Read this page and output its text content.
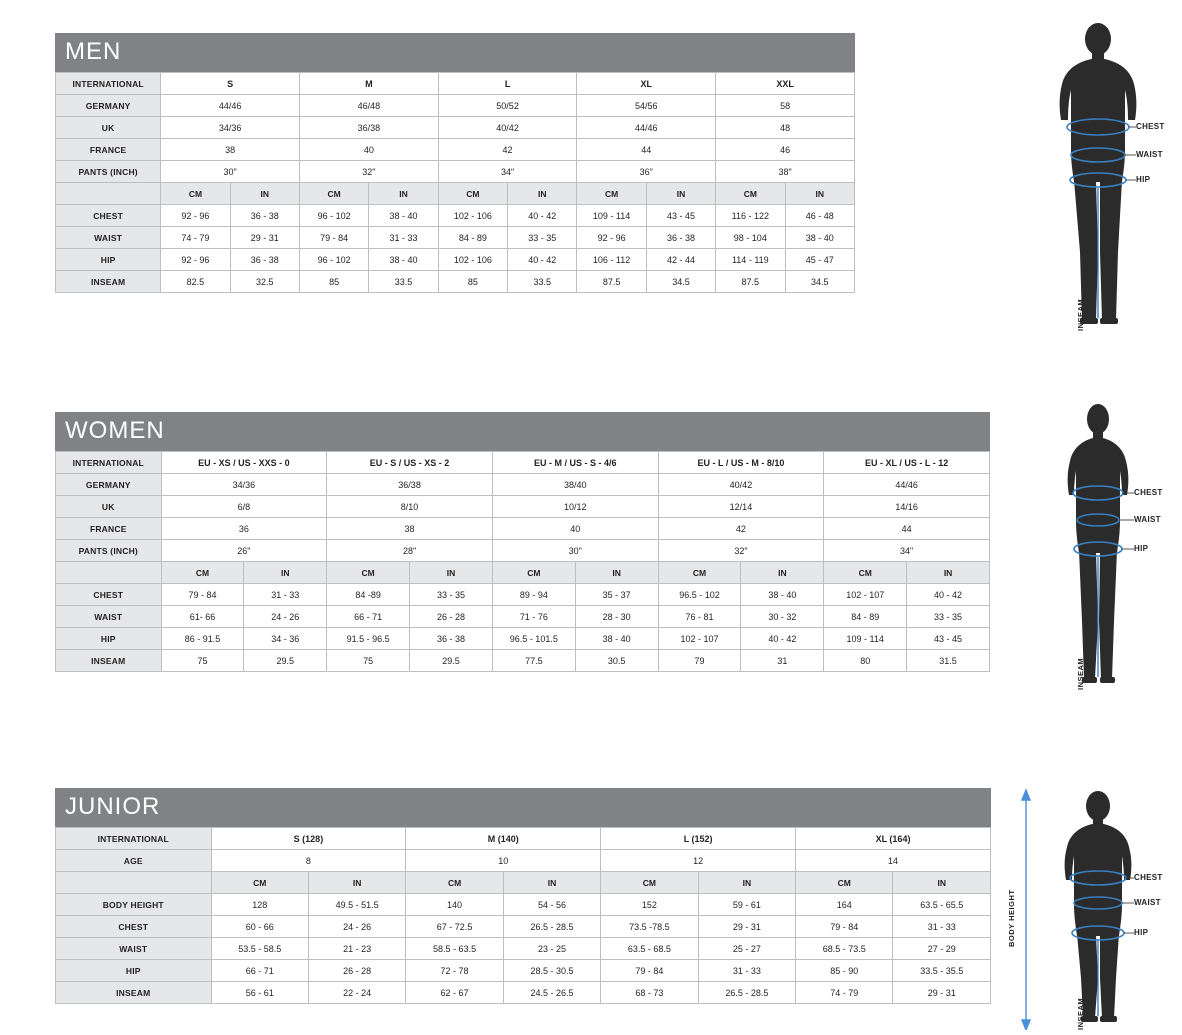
MEN
INTERNATIONAL	S		M		L		XL		XXL	
GERMANY	44/46		46/48		50/52		54/56		58	
UK	34/36		36/38		40/42		44/46		48	
FRANCE	38		40		42		44		46	
PANTS (INCH)	30"		32"		34"		36"		38"	
	CM	IN	CM	IN	CM	IN	CM	IN	CM	IN
CHEST	92 - 96	36 - 38	96 - 102	38 - 40	102 - 106	40 - 42	109 - 114	43 - 45	116 - 122	46 - 48
WAIST	74 - 79	29 - 31	79 - 84	31 - 33	84 - 89	33 - 35	92 - 96	36 - 38	98 - 104	38 - 40
HIP	92 - 96	36 - 38	96 - 102	38 - 40	102 - 106	40 - 42	106 - 112	42 - 44	114 - 119	45 - 47
INSEAM	82.5	32.5	85	33.5	85	33.5	87.5	34.5	87.5	34.5
CHEST
WAIST
HIP
INSEAM
WOMEN
INTERNATIONAL	EU - XS / US - XXS - 0		EU - S / US - XS - 2		EU - M / US - S - 4/6		EU - L / US - M - 8/10		EU - XL / US - L - 12	
GERMANY	34/36		36/38		38/40		40/42		44/46	
UK	6/8		8/10		10/12		12/14		14/16	
FRANCE	36		38		40		42		44	
PANTS (INCH)	26"		28"		30"		32"		34"	
	CM	IN	CM	IN	CM	IN	CM	IN	CM	IN
CHEST	79 - 84	31 - 33	84 -89	33 - 35	89 - 94	35 - 37	96.5 - 102	38 - 40	102 - 107	40 - 42
WAIST	61- 66	24 - 26	66 - 71	26 - 28	71 - 76	28 - 30	76 - 81	30 - 32	84 - 89	33 - 35
HIP	86 - 91.5	34 - 36	91.5 - 96.5	36 - 38	96.5 - 101.5	38 - 40	102 - 107	40 - 42	109 - 114	43 - 45
INSEAM	75	29.5	75	29.5	77.5	30.5	79	31	80	31.5
CHEST
WAIST
HIP
INSEAM
JUNIOR
INTERNATIONAL	S (128)		M (140)		L (152)		XL (164)	
AGE	8		10		12		14	
	CM	IN	CM	IN	CM	IN	CM	IN
BODY HEIGHT	128	49.5 - 51.5	140	54 - 56	152	59 - 61	164	63.5 - 65.5
CHEST	60 - 66	24 - 26	67 - 72.5	26.5 - 28.5	73.5 -78.5	29 - 31	79 - 84	31 - 33
WAIST	53.5 - 58.5	21 - 23	58.5 - 63.5	23 - 25	63.5 - 68.5	25 - 27	68.5 - 73.5	27 - 29
HIP	66 - 71	26 - 28	72 - 78	28.5 - 30.5	79 - 84	31 - 33	85 - 90	33.5 - 35.5
INSEAM	56 - 61	22 - 24	62 - 67	24.5 - 26.5	68 - 73	26.5 - 28.5	74 - 79	29 - 31
CHEST
WAIST
HIP
BODY HEIGHT
INSEAM
